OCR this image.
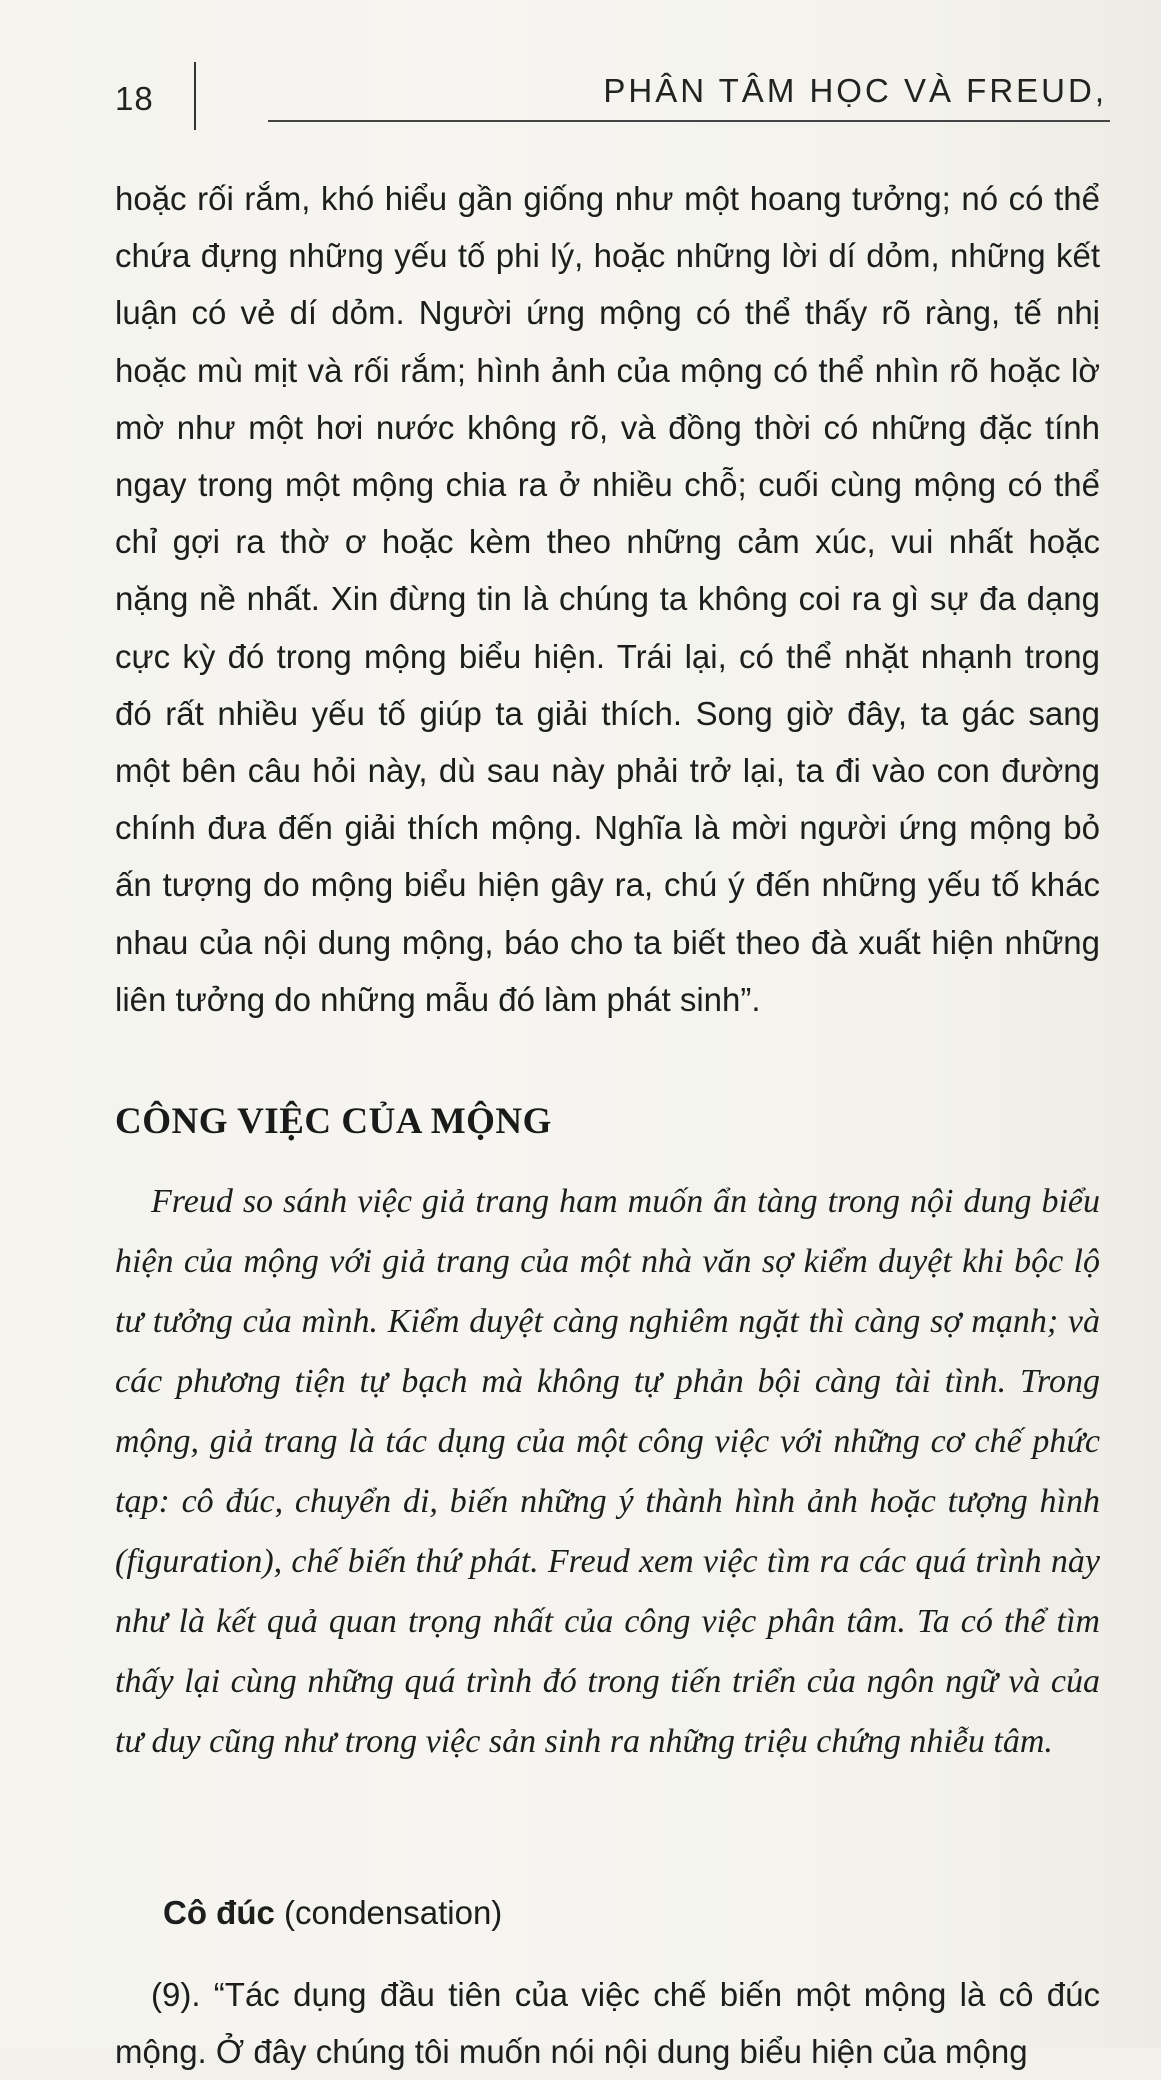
18	PHÂN TÂM HỌC VÀ FREUD,

hoặc rối rắm, khó hiểu gần giống như một hoang tưởng; nó có thể chứa đựng những yếu tố phi lý, hoặc những lời dí dỏm, những kết luận có vẻ dí dỏm. Người ứng mộng có thể thấy rõ ràng, tế nhị hoặc mù mịt và rối rắm; hình ảnh của mộng có thể nhìn rõ hoặc lờ mờ như một hơi nước không rõ, và đồng thời có những đặc tính ngay trong một mộng chia ra ở nhiều chỗ; cuối cùng mộng có thể chỉ gợi ra thờ ơ hoặc kèm theo những cảm xúc, vui nhất hoặc nặng nề nhất. Xin đừng tin là chúng ta không coi ra gì sự đa dạng cực kỳ đó trong mộng biểu hiện. Trái lại, có thể nhặt nhạnh trong đó rất nhiều yếu tố giúp ta giải thích. Song giờ đây, ta gác sang một bên câu hỏi này, dù sau này phải trở lại, ta đi vào con đường chính đưa đến giải thích mộng. Nghĩa là mời người ứng mộng bỏ ấn tượng do mộng biểu hiện gây ra, chú ý đến những yếu tố khác nhau của nội dung mộng, báo cho ta biết theo đà xuất hiện những liên tưởng do những mẫu đó làm phát sinh”.

CÔNG VIỆC CỦA MỘNG

Freud so sánh việc giả trang ham muốn ẩn tàng trong nội dung biểu hiện của mộng với giả trang của một nhà văn sợ kiểm duyệt khi bộc lộ tư tưởng của mình. Kiểm duyệt càng nghiêm ngặt thì càng sợ mạnh; và các phương tiện tự bạch mà không tự phản bội càng tài tình. Trong mộng, giả trang là tác dụng của một công việc với những cơ chế phức tạp: cô đúc, chuyển di, biến những ý thành hình ảnh hoặc tượng hình (figuration), chế biến thứ phát. Freud xem việc tìm ra các quá trình này như là kết quả quan trọng nhất của công việc phân tâm. Ta có thể tìm thấy lại cùng những quá trình đó trong tiến triển của ngôn ngữ và của tư duy cũng như trong việc sản sinh ra những triệu chứng nhiễu tâm.

Cô đúc (condensation)

(9). “Tác dụng đầu tiên của việc chế biến một mộng là cô đúc mộng. Ở đây chúng tôi muốn nói nội dung biểu hiện của mộng
